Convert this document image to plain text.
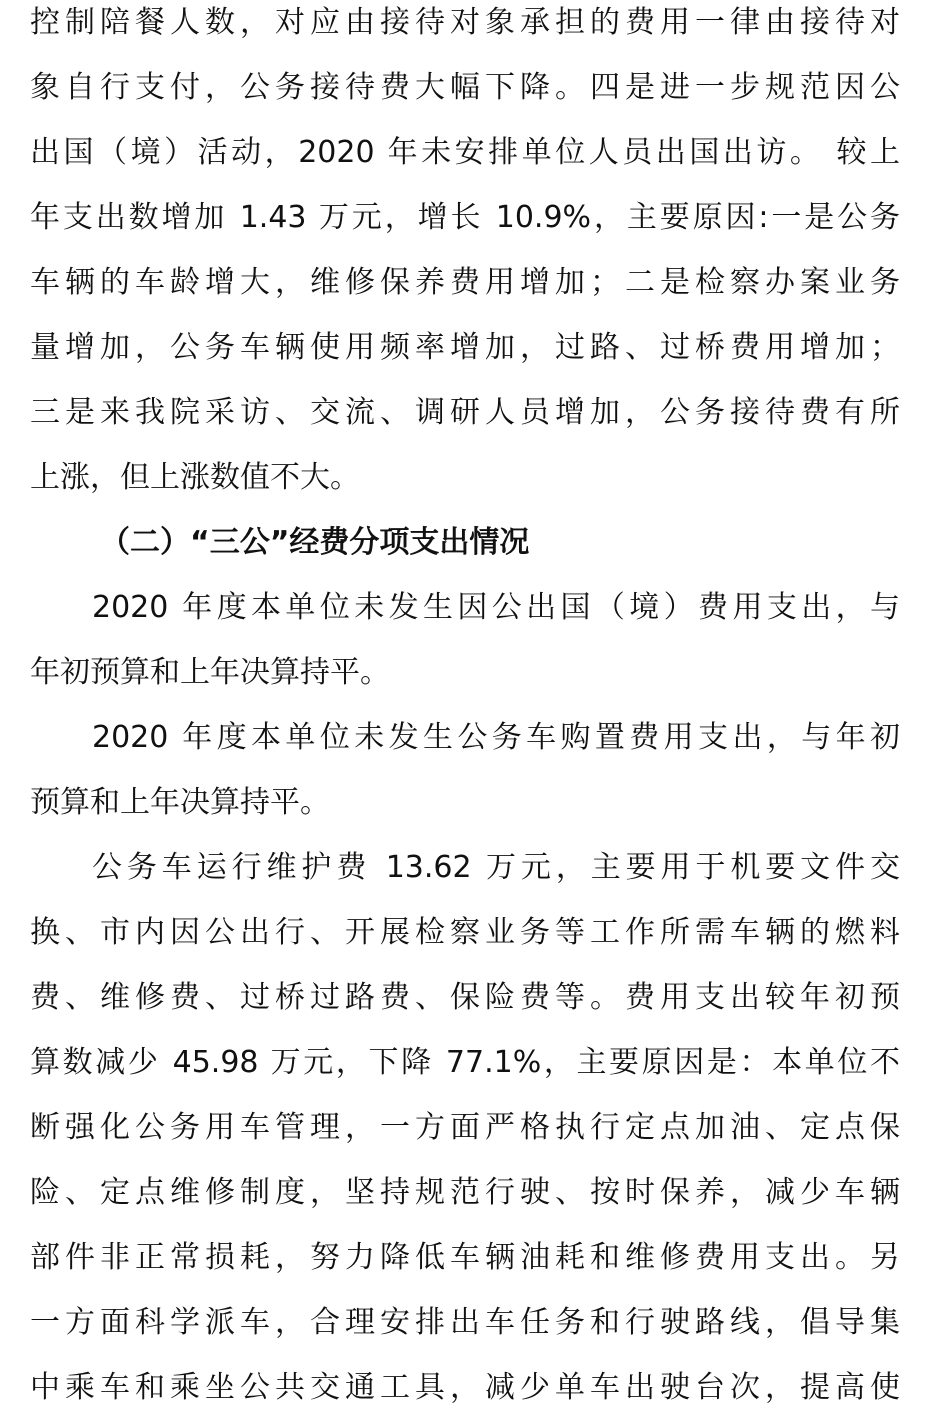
控制陪餐人数，对应由接待对象承担的费用一律由接待对
象自行支付，公务接待费大幅下降。四是进一步规范因公
出国（境）活动，2020 年未安排单位人员出国出访。 较上
年支出数增加 1.43 万元，增长 10.9%，主要原因:一是公务
车辆的车龄增大，维修保养费用增加；二是检察办案业务
量增加，公务车辆使用频率增加，过路、过桥费用增加；
三是来我院采访、交流、调研人员增加，公务接待费有所
上涨，但上涨数值不大。
（二）“三公”经费分项支出情况
2020 年度本单位未发生因公出国（境）费用支出，与
年初预算和上年决算持平。
2020 年度本单位未发生公务车购置费用支出，与年初
预算和上年决算持平。
公务车运行维护费 13.62 万元，主要用于机要文件交
换、市内因公出行、开展检察业务等工作所需车辆的燃料
费、维修费、过桥过路费、保险费等。费用支出较年初预
算数减少 45.98 万元，下降 77.1%，主要原因是：本单位不
断强化公务用车管理，一方面严格执行定点加油、定点保
险、定点维修制度，坚持规范行驶、按时保养，减少车辆
部件非正常损耗，努力降低车辆油耗和维修费用支出。另
一方面科学派车，合理安排出车任务和行驶路线，倡导集
中乘车和乘坐公共交通工具，减少单车出驶台次，提高使
